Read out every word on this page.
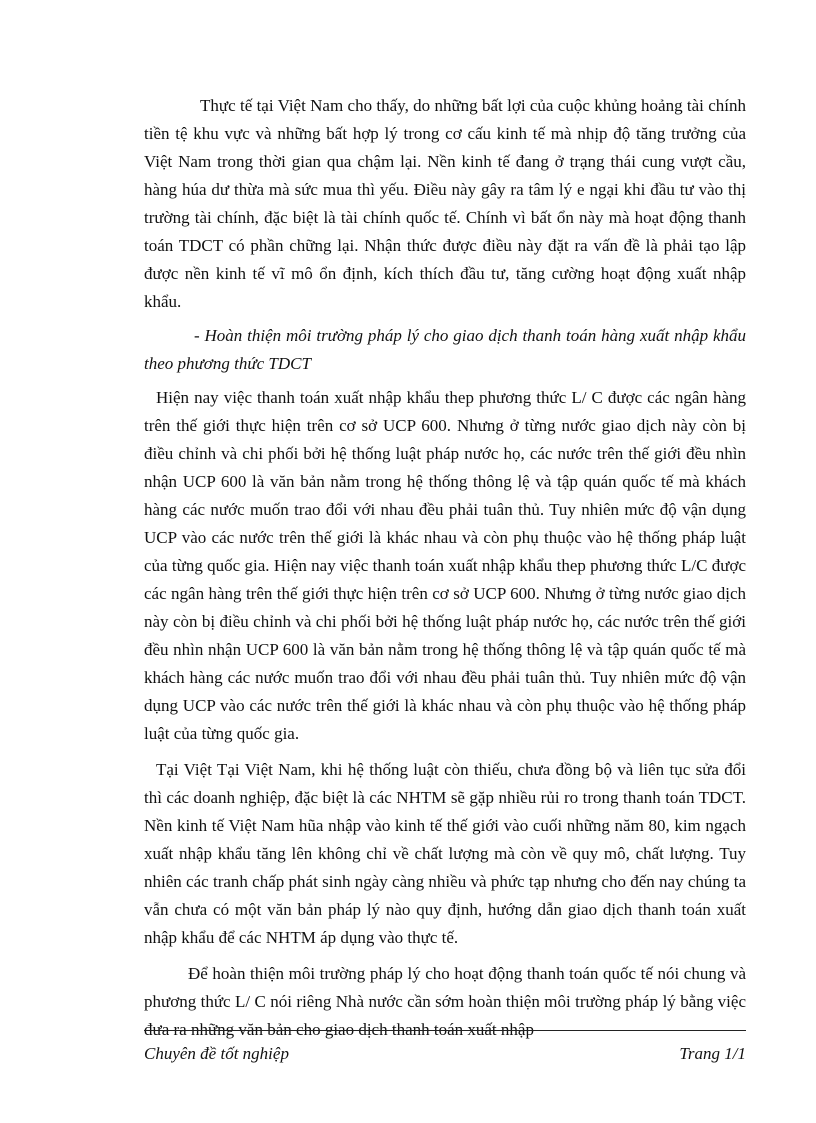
Thực tế tại Việt Nam cho thấy, do những bất lợi của cuộc khủng hoảng tài chính tiền tệ khu vực và những bất hợp lý trong cơ cấu kinh tế mà nhịp độ tăng trưởng của Việt Nam trong thời gian qua chậm lại. Nền kinh tế đang ở trạng thái cung vượt cầu, hàng húa dư thừa mà sức mua thì yếu. Điều này gây ra tâm lý e ngại khi đầu tư vào thị trường tài chính, đặc biệt là tài chính quốc tế. Chính vì bất ổn này mà hoạt động thanh toán TDCT có phần chững lại. Nhận thức được điều này đặt ra vấn đề là phải tạo lập được nền kinh tế vĩ mô ổn định, kích thích đầu tư, tăng cường hoạt động xuất nhập khẩu.

- Hoàn thiện môi trường pháp lý cho giao dịch thanh toán hàng xuất nhập khẩu theo phương thức TDCT

Hiện nay việc thanh toán xuất nhập khẩu thep phương thức L/ C được các ngân hàng trên thế giới thực hiện trên cơ sở UCP 600. Nhưng ở từng nước giao dịch này còn bị điều chỉnh và chi phối bởi hệ thống luật pháp nước họ, các nước trên thế giới đều nhìn nhận UCP 600 là văn bản nằm trong hệ thống thông lệ và tập quán quốc tế mà khách hàng các nước muốn trao đổi với nhau đều phải tuân thủ. Tuy nhiên mức độ vận dụng UCP vào các nước trên thế giới là khác nhau và còn phụ thuộc vào hệ thống pháp luật của từng quốc gia. Hiện nay việc thanh toán xuất nhập khẩu thep phương thức L/C được các ngân hàng trên thế giới thực hiện trên cơ sở UCP 600. Nhưng ở từng nước giao dịch này còn bị điều chỉnh và chi phối bởi hệ thống luật pháp nước họ, các nước trên thế giới đều nhìn nhận UCP 600 là văn bản nằm trong hệ thống thông lệ và tập quán quốc tế mà khách hàng các nước muốn trao đổi với nhau đều phải tuân thủ. Tuy nhiên mức độ vận dụng UCP vào các nước trên thế giới là khác nhau và còn phụ thuộc vào hệ thống pháp luật của từng quốc gia.

Tại Việt Tại Việt Nam, khi hệ thống luật còn thiếu, chưa đồng bộ và liên tục sửa đổi thì các doanh nghiệp, đặc biệt là các NHTM sẽ gặp nhiều rủi ro trong thanh toán TDCT. Nền kinh tế Việt Nam hũa nhập vào kinh tế thế giới vào cuối những năm 80, kim ngạch xuất nhập khẩu tăng lên không chỉ về chất lượng mà còn về quy mô, chất lượng. Tuy nhiên các tranh chấp phát sinh ngày càng nhiều và phức tạp nhưng cho đến nay chúng ta vẫn chưa có một văn bản pháp lý nào quy định, hướng dẫn giao dịch thanh toán xuất nhập khẩu để các NHTM áp dụng vào thực tế.

Để hoàn thiện môi trường pháp lý cho hoạt động thanh toán quốc tế nói chung và phương thức L/ C nói riêng Nhà nước cần sớm hoàn thiện môi trường pháp lý bằng việc đưa ra những văn bản cho giao dịch thanh toán xuất nhập

Chuyên đề tốt nghiệp	Trang 1/1
